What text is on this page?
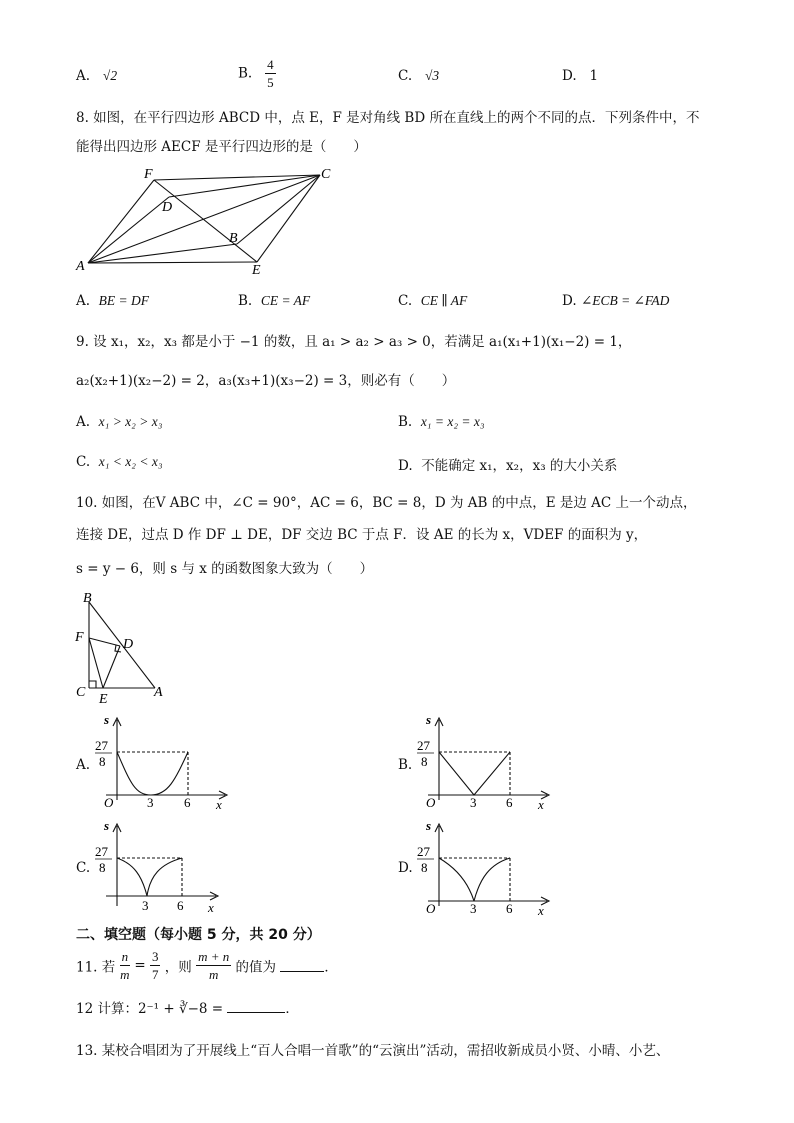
A. √2	B. $\frac{4}{5}$	C. √3	D. 1
8. 如图，在平行四边形 ABCD 中，点 E，F 是对角线 BD 所在直线上的两个不同的点．下列条件中，不
能得出四边形 AECF 是平行四边形的是（　　）
F	C
D
B
A	E
A. BE = DF	B. CE = AF	C. CE ∥ AF	D. ∠ECB = ∠FAD
9. 设 x₁，x₂，x₃ 都是小于 −1 的数，且 a₁ > a₂ > a₃ > 0，若满足 a₁(x₁+1)(x₁−2) = 1，
a₂(x₂+1)(x₂−2) = 2，a₃(x₃+1)(x₃−2) = 3，则必有（　　）
A. x₁ > x₂ > x₃	B. x₁ = x₂ = x₃
C. x₁ < x₂ < x₃	D. 不能确定 x₁，x₂，x₃ 的大小关系
10. 如图，在V ABC 中，∠C = 90°，AC = 6，BC = 8，D 为 AB 的中点，E 是边 AC 上一个动点，
连接 DE，过点 D 作 DF ⊥ DE，DF 交边 BC 于点 F．设 AE 的长为 x，VDEF 的面积为 y，
s = y − 6，则 s 与 x 的函数图象大致为（　　）
B
F	D
C E	A
A.
s
27
8
O	3 6 x
B.
s
27
8
O	3 6 x
C.
s
27
8
3 6 x
D.
s
27
8
O	3 6 x
二、填空题（每小题 5 分，共 20 分）
11. 若 $\frac{n}{m} = \frac{3}{7}$ ，则 $\frac{m + n}{m}$ 的值为	．
12 计算：2⁻¹ + ∛−8 =	．
13. 某校合唱团为了开展线上“百人合唱一首歌”的“云演出”活动，需招收新成员小贤、小晴、小艺、
